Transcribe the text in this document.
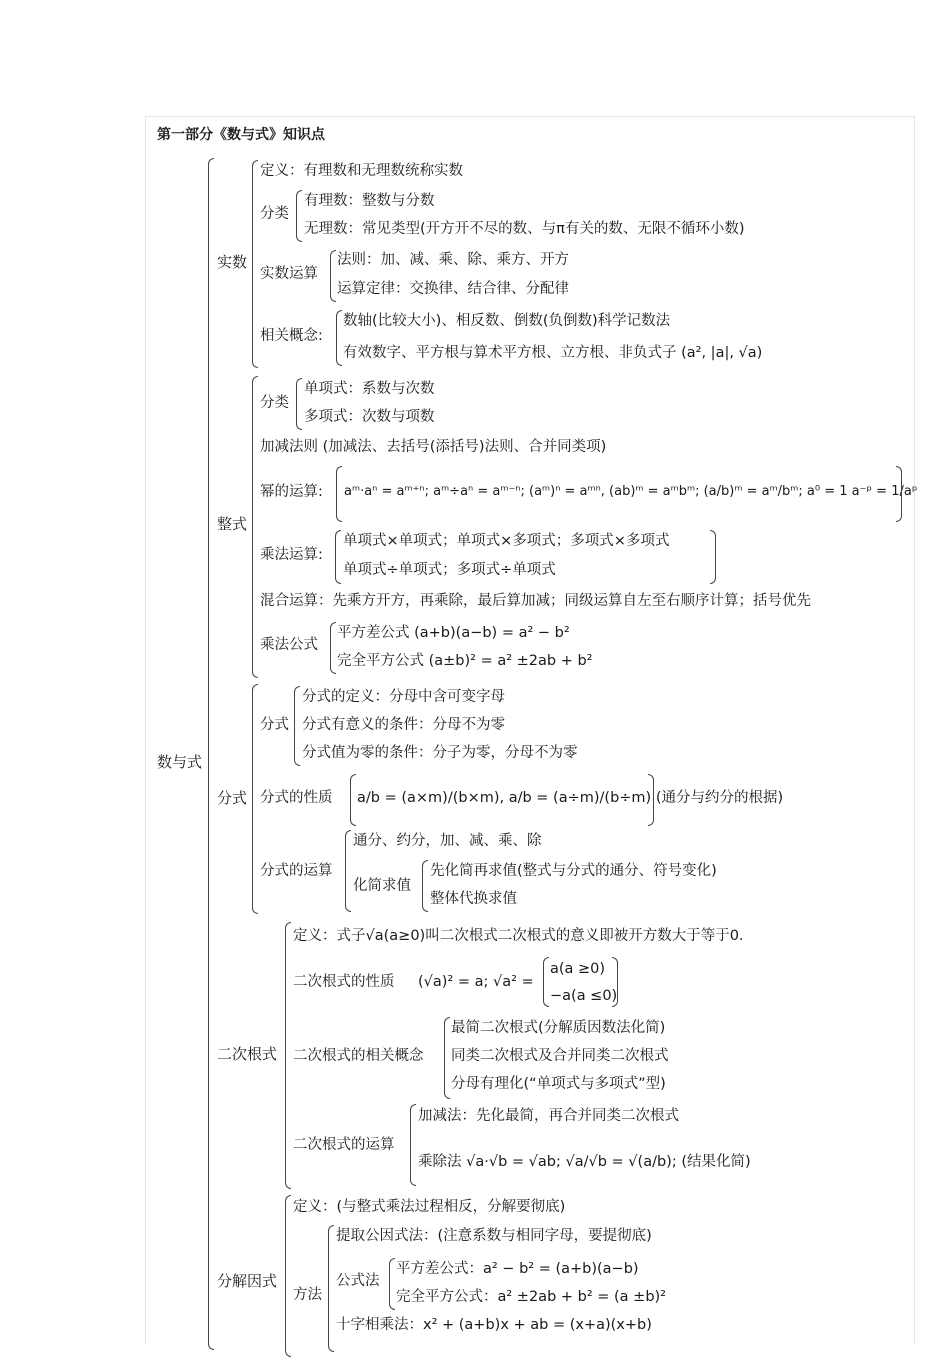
第一部分《数与式》知识点
数与式
实数
定义：有理数和无理数统称实数
分类
有理数：整数与分数
无理数：常见类型(开方开不尽的数、与π有关的数、无限不循环小数)
实数运算
法则：加、减、乘、除、乘方、开方
运算定律：交换律、结合律、分配律
相关概念:
数轴(比较大小)、相反数、倒数(负倒数)科学记数法
有效数字、平方根与算术平方根、立方根、非负式子 (a², |a|, √a)
整式
分类
单项式：系数与次数
多项式：次数与项数
加减法则 (加减法、去括号(添括号)法则、合并同类项)
幂的运算: aᵐ·aⁿ = aᵐ⁺ⁿ; aᵐ÷aⁿ = aᵐ⁻ⁿ; (aᵐ)ⁿ = aᵐⁿ, (ab)ᵐ = aᵐbᵐ; (a/b)ᵐ = aᵐ/bᵐ; a⁰ = 1 a⁻ᵖ = 1/aᵖ
乘法运算:
单项式×单项式；单项式×多项式；多项式×多项式
单项式÷单项式；多项式÷单项式
混合运算：先乘方开方，再乘除，最后算加减；同级运算自左至右顺序计算；括号优先
乘法公式
平方差公式 (a+b)(a−b) = a² − b²
完全平方公式 (a±b)² = a² ±2ab + b²
分式
分式
分式的定义：分母中含可变字母
分式有意义的条件：分母不为零
分式值为零的条件：分子为零，分母不为零
分式的性质 a/b = (a×m)/(b×m), a/b = (a÷m)/(b÷m) (通分与约分的根据)
分式的运算
通分、约分，加、减、乘、除
化简求值
先化简再求值(整式与分式的通分、符号变化)
整体代换求值
二次根式
定义：式子√a(a≥0)叫二次根式二次根式的意义即被开方数大于等于0.
二次根式的性质 (√a)² = a; √a² =
a(a ≥0)
−a(a ≤0)
二次根式的相关概念
最简二次根式(分解质因数法化简)
同类二次根式及合并同类二次根式
分母有理化(“单项式与多项式”型)
二次根式的运算
加减法：先化最简，再合并同类二次根式
乘除法 √a·√b = √ab; √a/√b = √(a/b); (结果化简)
分解因式
定义：(与整式乘法过程相反，分解要彻底)
方法
提取公因式法：(注意系数与相同字母，要提彻底)
公式法
平方差公式：a² − b² = (a+b)(a−b)
完全平方公式：a² ±2ab + b² = (a ±b)²
十字相乘法：x² + (a+b)x + ab = (x+a)(x+b)
